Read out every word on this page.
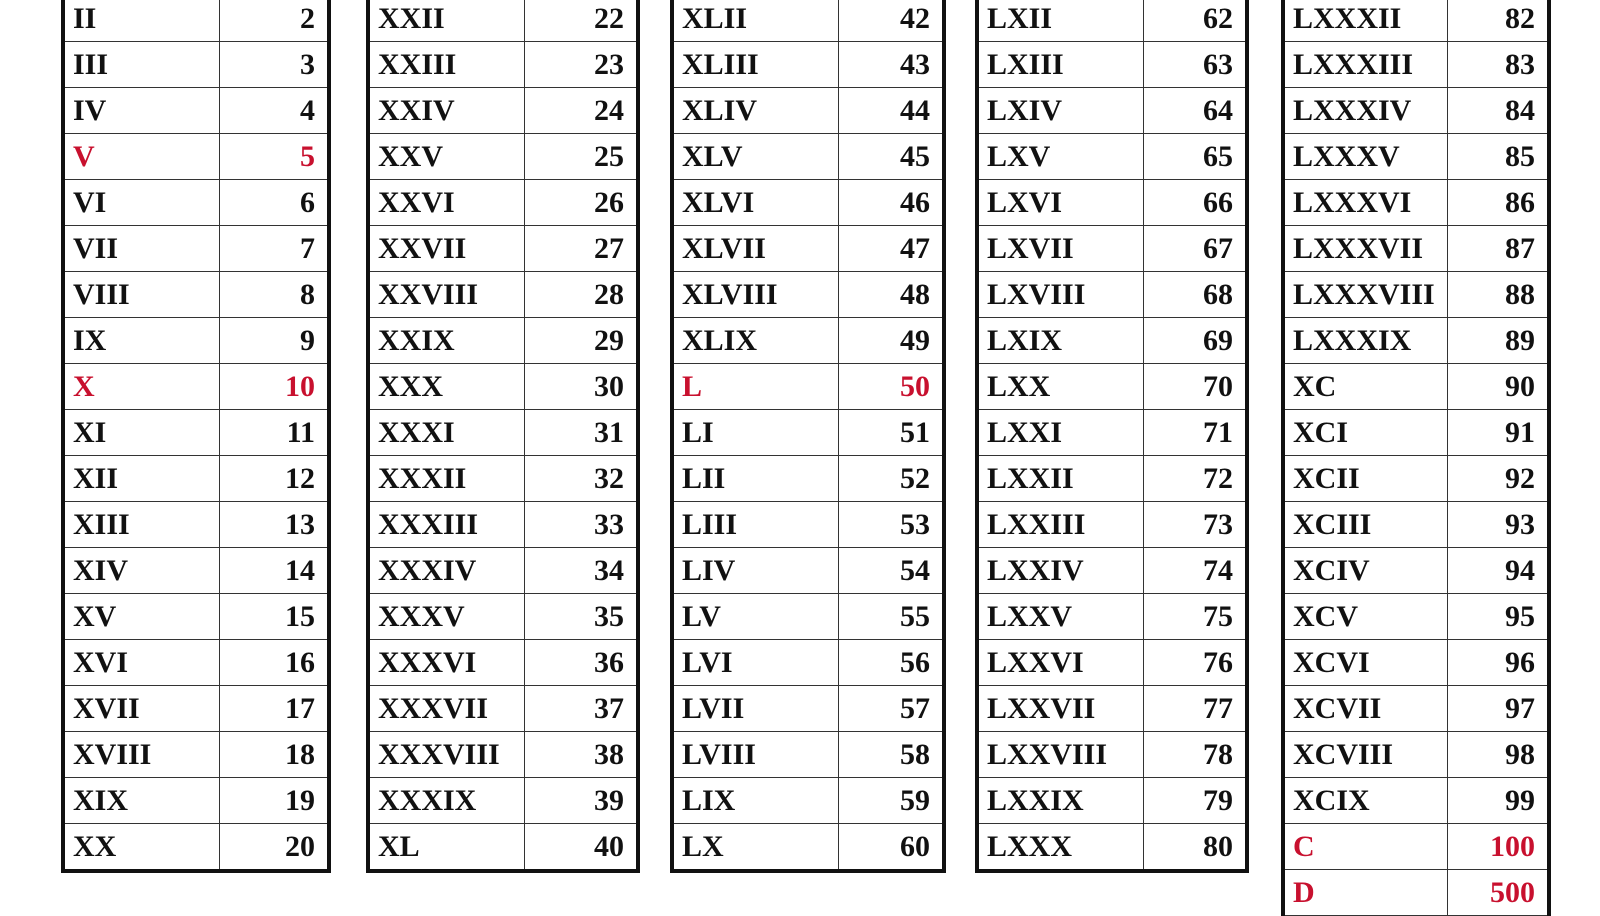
II	2
III	3
IV	4
V	5
VI	6
VII	7
VIII	8
IX	9
X	10
XI	11
XII	12
XIII	13
XIV	14
XV	15
XVI	16
XVII	17
XVIII	18
XIX	19
XX	20
XXII	22
XXIII	23
XXIV	24
XXV	25
XXVI	26
XXVII	27
XXVIII	28
XXIX	29
XXX	30
XXXI	31
XXXII	32
XXXIII	33
XXXIV	34
XXXV	35
XXXVI	36
XXXVII	37
XXXVIII	38
XXXIX	39
XL	40
XLII	42
XLIII	43
XLIV	44
XLV	45
XLVI	46
XLVII	47
XLVIII	48
XLIX	49
L	50
LI	51
LII	52
LIII	53
LIV	54
LV	55
LVI	56
LVII	57
LVIII	58
LIX	59
LX	60
LXII	62
LXIII	63
LXIV	64
LXV	65
LXVI	66
LXVII	67
LXVIII	68
LXIX	69
LXX	70
LXXI	71
LXXII	72
LXXIII	73
LXXIV	74
LXXV	75
LXXVI	76
LXXVII	77
LXXVIII	78
LXXIX	79
LXXX	80
LXXXII	82
LXXXIII	83
LXXXIV	84
LXXXV	85
LXXXVI	86
LXXXVII	87
LXXXVIII	88
LXXXIX	89
XC	90
XCI	91
XCII	92
XCIII	93
XCIV	94
XCV	95
XCVI	96
XCVII	97
XCVIII	98
XCIX	99
C	100
D	500
